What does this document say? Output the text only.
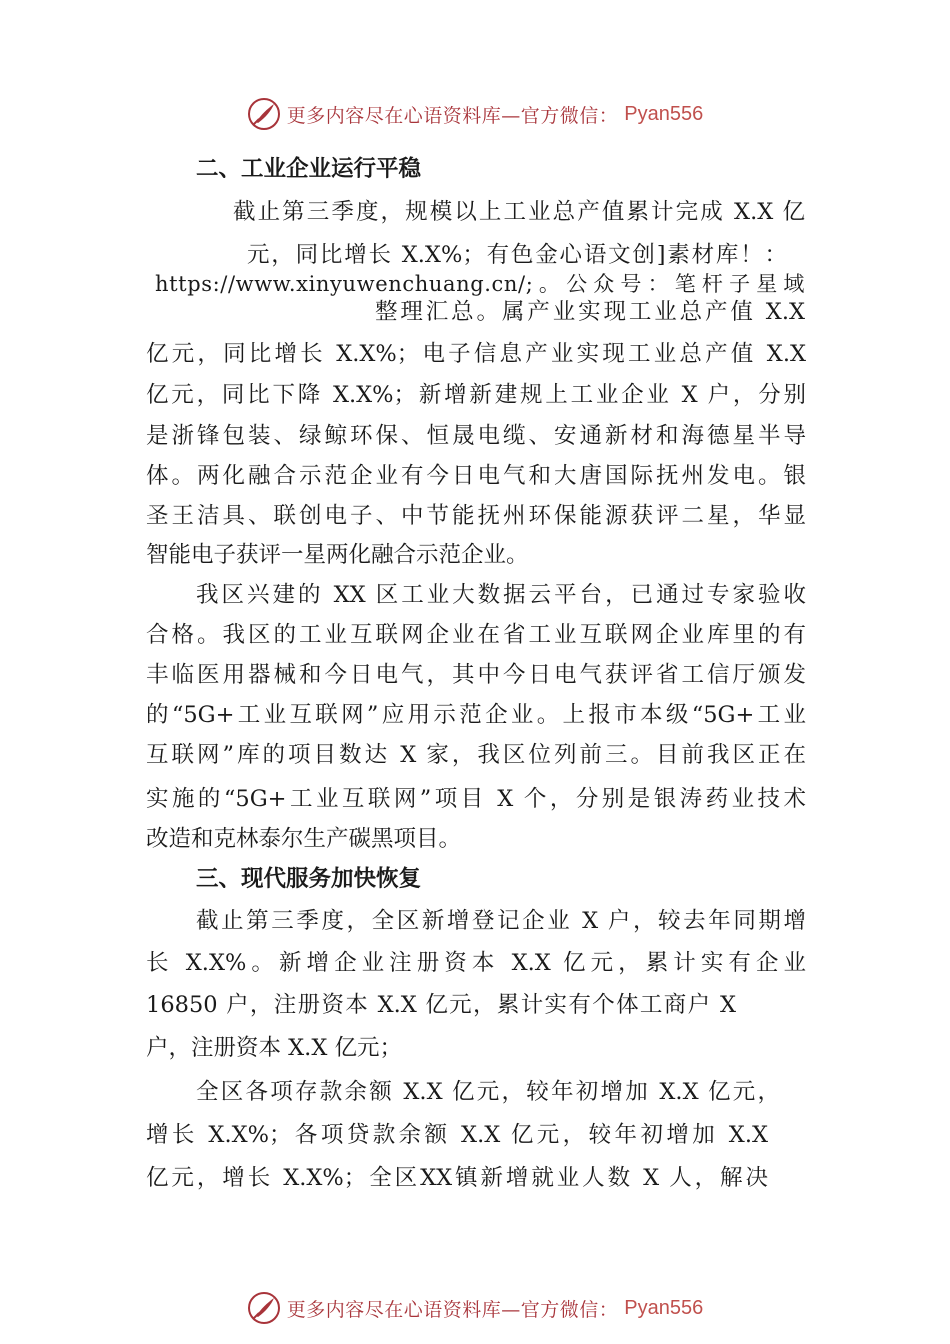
更多内容尽在心语资料库—官方微信： Pyan556
二、工业企业运行平稳
截止第三季度，规模以上工业总产值累计完成 X.X 亿
元，同比增长 X.X%；有色金心语文创]素材库！：
https://www.xinyuwenchuang.cn/;。公众号：笔杆子星域
整理汇总。属产业实现工业总产值 X.X
亿元，同比增长 X.X%；电子信息产业实现工业总产值 X.X
亿元，同比下降 X.X%；新增新建规上工业企业 X 户，分别
是浙锋包装、绿鲸环保、恒晟电缆、安通新材和海德星半导
体。两化融合示范企业有今日电气和大唐国际抚州发电。银
圣王洁具、联创电子、中节能抚州环保能源获评二星，华显
智能电子获评一星两化融合示范企业。
我区兴建的 XX 区工业大数据云平台，已通过专家验收
合格。我区的工业互联网企业在省工业互联网企业库里的有
丰临医用器械和今日电气，其中今日电气获评省工信厅颁发
的“5G+工业互联网”应用示范企业。上报市本级“5G+工业
互联网”库的项目数达 X 家，我区位列前三。目前我区正在
实施的“5G+工业互联网”项目 X 个，分别是银涛药业技术
改造和克林泰尔生产碳黑项目。
三、现代服务加快恢复
截止第三季度，全区新增登记企业 X 户，较去年同期增
长 X.X%。新增企业注册资本 X.X 亿元，累计实有企业
16850 户，注册资本 X.X 亿元，累计实有个体工商户 X
户，注册资本 X.X 亿元；
全区各项存款余额 X.X 亿元，较年初增加 X.X 亿元，
增长 X.X%；各项贷款余额 X.X 亿元，较年初增加 X.X
亿元，增长 X.X%；全区XX镇新增就业人数 X 人，解决
更多内容尽在心语资料库—官方微信： Pyan556
